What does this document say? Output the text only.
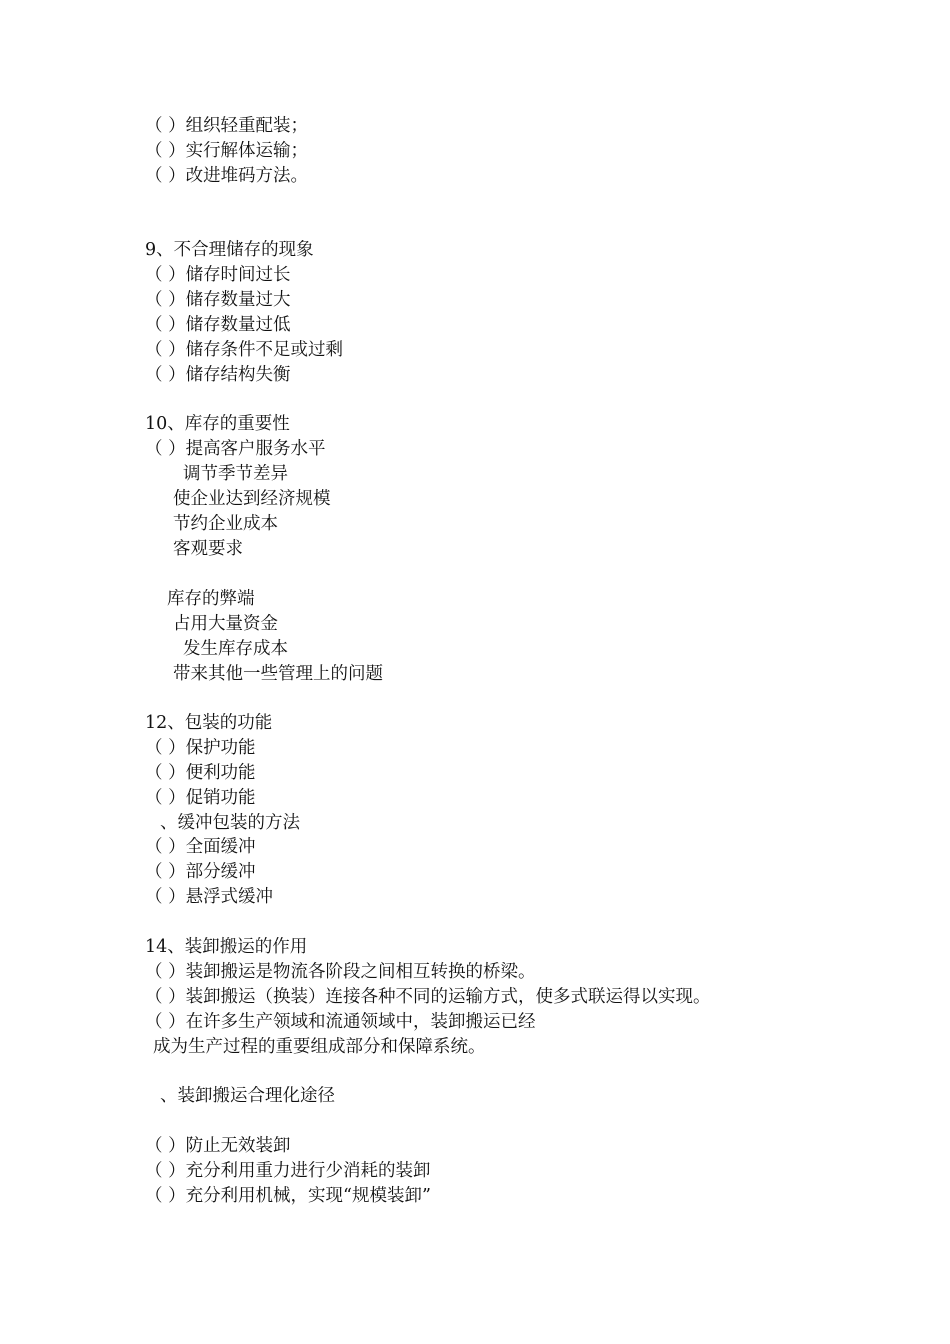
（ ）组织轻重配装；
（ ）实行解体运输；
（ ）改进堆码方法。
9、不合理储存的现象
（ ）储存时间过长
（ ）储存数量过大
（ ）储存数量过低
（ ）储存条件不足或过剩
（ ）储存结构失衡
10、库存的重要性
（ ）提高客户服务水平
调节季节差异
使企业达到经济规模
节约企业成本
客观要求
库存的弊端
占用大量资金
发生库存成本
带来其他一些管理上的问题
12、包装的功能
（ ）保护功能
（ ）便利功能
（ ）促销功能
、缓冲包装的方法
（ ）全面缓冲
（ ）部分缓冲
（ ）悬浮式缓冲
14、装卸搬运的作用
（ ）装卸搬运是物流各阶段之间相互转换的桥梁。
（ ）装卸搬运（换装）连接各种不同的运输方式，使多式联运得以实现。
（ ）在许多生产领域和流通领域中，装卸搬运已经
成为生产过程的重要组成部分和保障系统。
、装卸搬运合理化途径
（ ）防止无效装卸
（ ）充分利用重力进行少消耗的装卸
（ ）充分利用机械，实现“规模装卸”
